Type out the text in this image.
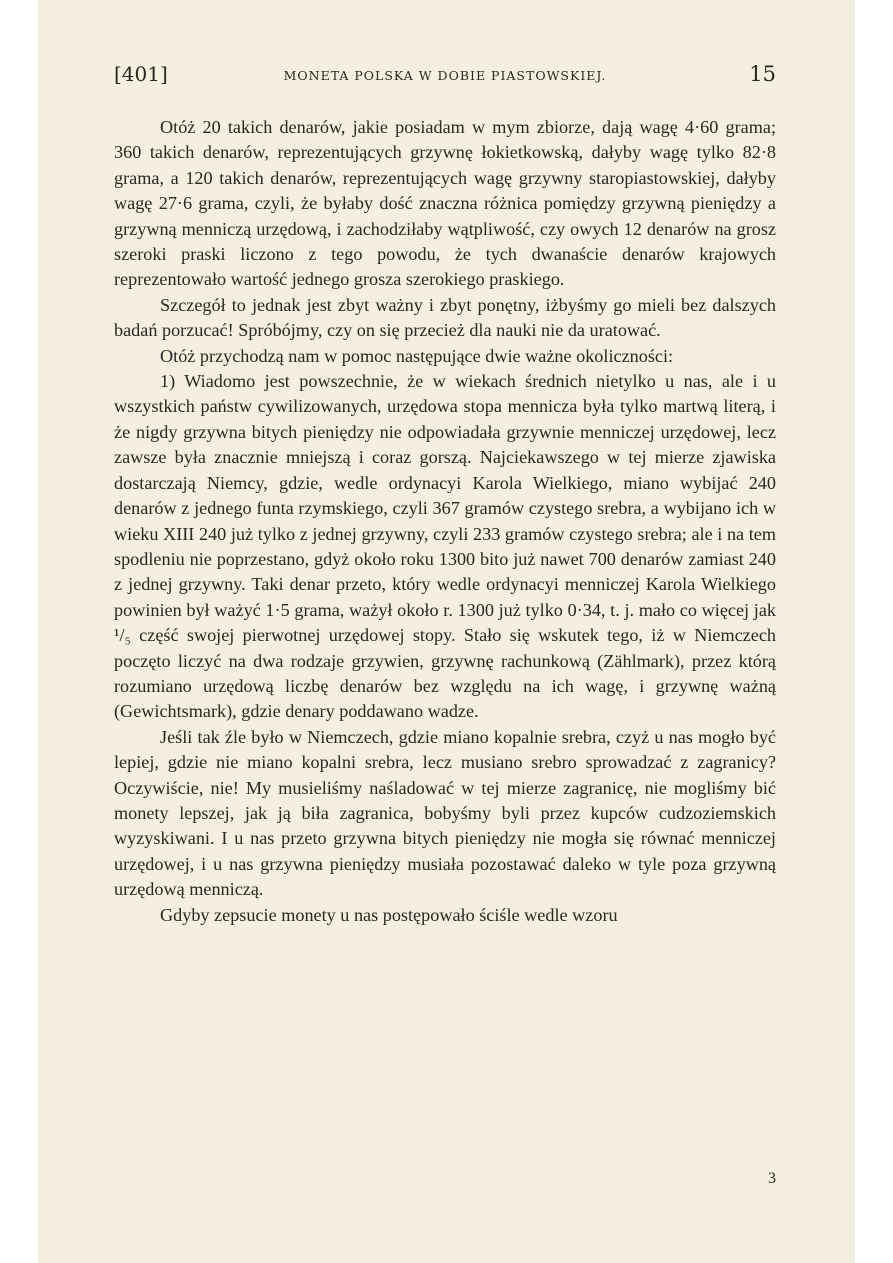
[401]	MONETA POLSKA W DOBIE PIASTOWSKIEJ.	15

Otóż 20 takich denarów, jakie posiadam w mym zbiorze, dają wagę 4·60 grama; 360 takich denarów, reprezentujących grzywnę łokietkowską, dałyby wagę tylko 82·8 grama, a 120 takich denarów, reprezentujących wagę grzywny staropiastowskiej, dałyby wagę 27·6 grama, czyli, że byłaby dość znaczna różnica pomiędzy grzywną pieniędzy a grzywną menniczą urzędową, i zachodziłaby wątpliwość, czy owych 12 denarów na grosz szeroki praski liczono z tego powodu, że tych dwanaście denarów krajowych reprezentowało wartość jednego grosza szerokiego praskiego.

Szczegół to jednak jest zbyt ważny i zbyt ponętny, iżbyśmy go mieli bez dalszych badań porzucać! Spróbójmy, czy on się przecież dla nauki nie da uratować.

Otóż przychodzą nam w pomoc następujące dwie ważne okoliczności:

1) Wiadomo jest powszechnie, że w wiekach średnich nietylko u nas, ale i u wszystkich państw cywilizowanych, urzędowa stopa mennicza była tylko martwą literą, i że nigdy grzywna bitych pieniędzy nie odpowiadała grzywnie menniczej urzędowej, lecz zawsze była znacznie mniejszą i coraz gorszą. Najciekawszego w tej mierze zjawiska dostarczają Niemcy, gdzie, wedle ordynacyi Karola Wielkiego, miano wybijać 240 denarów z jednego funta rzymskiego, czyli 367 gramów czystego srebra, a wybijano ich w wieku XIII 240 już tylko z jednej grzywny, czyli 233 gramów czystego srebra; ale i na tem spodleniu nie poprzestano, gdyż około roku 1300 bito już nawet 700 denarów zamiast 240 z jednej grzywny. Taki denar przeto, który wedle ordynacyi menniczej Karola Wielkiego powinien był ważyć 1·5 grama, ważył około r. 1300 już tylko 0·34, t. j. mało co więcej jak ¹/₅ część swojej pierwotnej urzędowej stopy. Stało się wskutek tego, iż w Niemczech poczęto liczyć na dwa rodzaje grzywien, grzywnę rachunkową (Zählmark), przez którą rozumiano urzędową liczbę denarów bez względu na ich wagę, i grzywnę ważną (Gewichtsmark), gdzie denary poddawano wadze.

Jeśli tak źle było w Niemczech, gdzie miano kopalnie srebra, czyż u nas mogło być lepiej, gdzie nie miano kopalni srebra, lecz musiano srebro sprowadzać z zagranicy? Oczywiście, nie! My musieliśmy naśladować w tej mierze zagranicę, nie mogliśmy bić monety lepszej, jak ją biła zagranica, bobyśmy byli przez kupców cudzoziemskich wyzyskiwani. I u nas przeto grzywna bitych pieniędzy nie mogła się równać menniczej urzędowej, i u nas grzywna pieniędzy musiała pozostawać daleko w tyle poza grzywną urzędową menniczą.

Gdyby zepsucie monety u nas postępowało ściśle wedle wzoru

3
